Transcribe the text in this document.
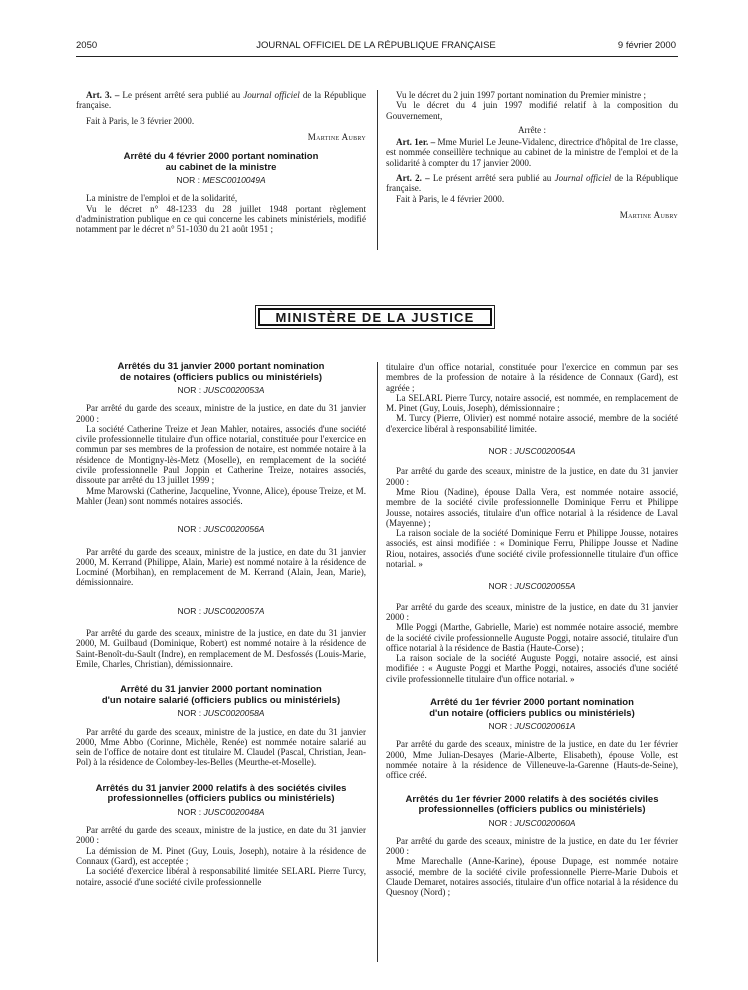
2050	JOURNAL OFFICIEL DE LA RÉPUBLIQUE FRANÇAISE	9 février 2000

Art. 3. – Le présent arrêté sera publié au Journal officiel de la République française.

Fait à Paris, le 3 février 2000.

Martine Aubry

Arrêté du 4 février 2000 portant nomination
au cabinet de la ministre
NOR : MESC0010049A

La ministre de l'emploi et de la solidarité,

Vu le décret n° 48-1233 du 28 juillet 1948 portant règlement d'administration publique en ce qui concerne les cabinets ministériels, modifié notamment par le décret n° 51-1030 du 21 août 1951 ;

Vu le décret du 2 juin 1997 portant nomination du Premier ministre ;

Vu le décret du 4 juin 1997 modifié relatif à la composition du Gouvernement,

Arrête :

Art. 1er. – Mme Muriel Le Jeune-Vidalenc, directrice d'hôpital de 1re classe, est nommée conseillère technique au cabinet de la ministre de l'emploi et de la solidarité à compter du 17 janvier 2000.

Art. 2. – Le présent arrêté sera publié au Journal officiel de la République française.

Fait à Paris, le 4 février 2000.

Martine Aubry

MINISTÈRE DE LA JUSTICE
Arrêtés du 31 janvier 2000 portant nomination
de notaires (officiers publics ou ministériels)
NOR : JUSC0020053A

Par arrêté du garde des sceaux, ministre de la justice, en date du 31 janvier 2000 :

La société Catherine Treize et Jean Mahler, notaires, associés d'une société civile professionnelle titulaire d'un office notarial, constituée pour l'exercice en commun par ses membres de la profession de notaire, est nommée notaire à la résidence de Montigny-lès-Metz (Moselle), en remplacement de la société civile professionnelle Paul Joppin et Catherine Treize, notaires associés, dissoute par arrêté du 13 juillet 1999 ;

Mme Marowski (Catherine, Jacqueline, Yvonne, Alice), épouse Treize, et M. Mahler (Jean) sont nommés notaires associés.

NOR : JUSC0020056A

Par arrêté du garde des sceaux, ministre de la justice, en date du 31 janvier 2000, M. Kerrand (Philippe, Alain, Marie) est nommé notaire à la résidence de Locminé (Morbihan), en remplacement de M. Kerrand (Alain, Jean, Marie), démissionnaire.

NOR : JUSC0020057A

Par arrêté du garde des sceaux, ministre de la justice, en date du 31 janvier 2000, M. Guilbaud (Dominique, Robert) est nommé notaire à la résidence de Saint-Benoît-du-Sault (Indre), en remplacement de M. Desfossés (Louis-Marie, Emile, Charles, Christian), démissionnaire.

Arrêté du 31 janvier 2000 portant nomination
d'un notaire salarié (officiers publics ou ministériels)
NOR : JUSC0020058A

Par arrêté du garde des sceaux, ministre de la justice, en date du 31 janvier 2000, Mme Abbo (Corinne, Michèle, Renée) est nommée notaire salarié au sein de l'office de notaire dont est titulaire M. Claudel (Pascal, Christian, Jean-Pol) à la résidence de Colombey-les-Belles (Meurthe-et-Moselle).

Arrêtés du 31 janvier 2000 relatifs à des sociétés civiles
professionnelles (officiers publics ou ministériels)
NOR : JUSC0020048A

Par arrêté du garde des sceaux, ministre de la justice, en date du 31 janvier 2000 :

La démission de M. Pinet (Guy, Louis, Joseph), notaire à la résidence de Connaux (Gard), est acceptée ;

La société d'exercice libéral à responsabilité limitée SELARL Pierre Turcy, notaire, associé d'une société civile professionnelle

titulaire d'un office notarial, constituée pour l'exercice en commun par ses membres de la profession de notaire à la résidence de Connaux (Gard), est agréée ;

La SELARL Pierre Turcy, notaire associé, est nommée, en remplacement de M. Pinet (Guy, Louis, Joseph), démissionnaire ;

M. Turcy (Pierre, Olivier) est nommé notaire associé, membre de la société d'exercice libéral à responsabilité limitée.

NOR : JUSC0020054A

Par arrêté du garde des sceaux, ministre de la justice, en date du 31 janvier 2000 :

Mme Riou (Nadine), épouse Dalla Vera, est nommée notaire associé, membre de la société civile professionnelle Dominique Ferru et Philippe Jousse, notaires associés, titulaire d'un office notarial à la résidence de Laval (Mayenne) ;

La raison sociale de la société Dominique Ferru et Philippe Jousse, notaires associés, est ainsi modifiée : « Dominique Ferru, Philippe Jousse et Nadine Riou, notaires, associés d'une société civile professionnelle titulaire d'un office notarial. »

NOR : JUSC0020055A

Par arrêté du garde des sceaux, ministre de la justice, en date du 31 janvier 2000 :

Mlle Poggi (Marthe, Gabrielle, Marie) est nommée notaire associé, membre de la société civile professionnelle Auguste Poggi, notaire associé, titulaire d'un office notarial à la résidence de Bastia (Haute-Corse) ;

La raison sociale de la société Auguste Poggi, notaire associé, est ainsi modifiée : « Auguste Poggi et Marthe Poggi, notaires, associés d'une société civile professionnelle titulaire d'un office notarial. »

Arrêté du 1er février 2000 portant nomination
d'un notaire (officiers publics ou ministériels)
NOR : JUSC0020061A

Par arrêté du garde des sceaux, ministre de la justice, en date du 1er février 2000, Mme Julian-Desayes (Marie-Alberte, Elisabeth), épouse Volle, est nommée notaire à la résidence de Villeneuve-la-Garenne (Hauts-de-Seine), office créé.

Arrêtés du 1er février 2000 relatifs à des sociétés civiles
professionnelles (officiers publics ou ministériels)
NOR : JUSC0020060A

Par arrêté du garde des sceaux, ministre de la justice, en date du 1er février 2000 :

Mme Marechalle (Anne-Karine), épouse Dupage, est nommée notaire associé, membre de la société civile professionnelle Pierre-Marie Dubois et Claude Demaret, notaires associés, titulaire d'un office notarial à la résidence du Quesnoy (Nord) ;
